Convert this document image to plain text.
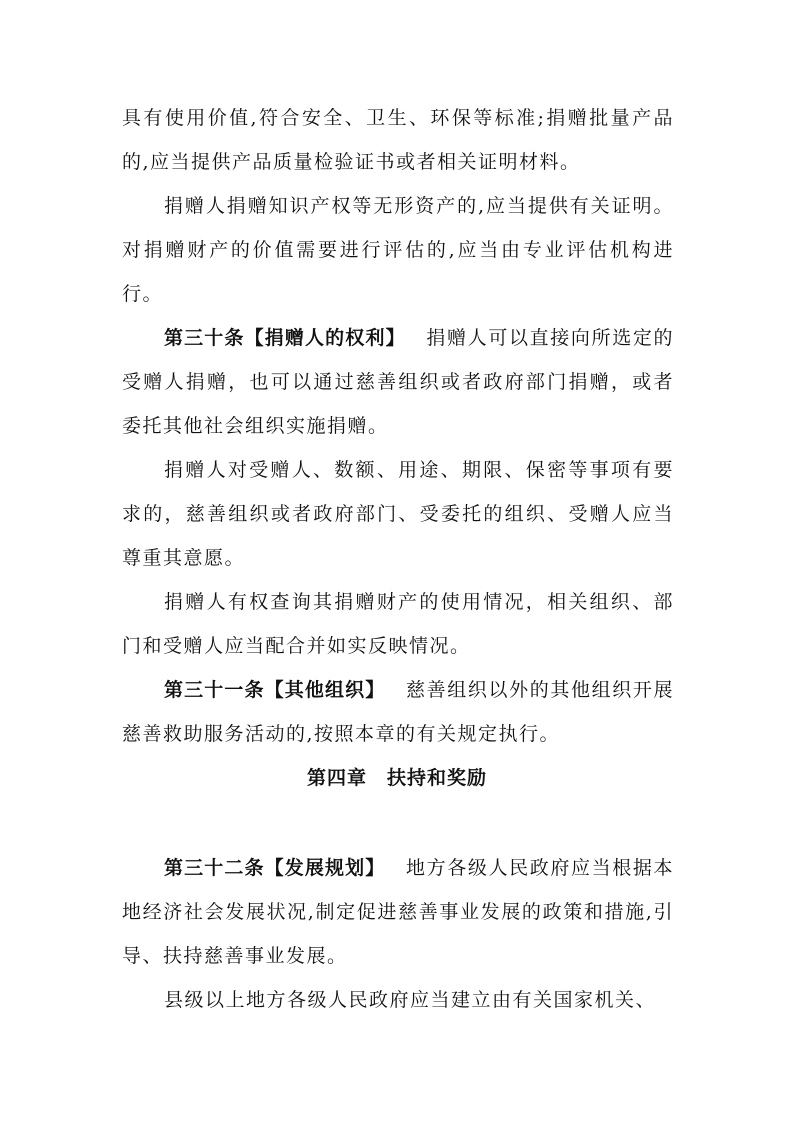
具有使用价值,符合安全、卫生、环保等标准;捐赠批量产品的,应当提供产品质量检验证书或者相关证明材料。

捐赠人捐赠知识产权等无形资产的,应当提供有关证明。对捐赠财产的价值需要进行评估的,应当由专业评估机构进行。

第三十条【捐赠人的权利】  捐赠人可以直接向所选定的受赠人捐赠，也可以通过慈善组织或者政府部门捐赠，或者委托其他社会组织实施捐赠。

捐赠人对受赠人、数额、用途、期限、保密等事项有要求的，慈善组织或者政府部门、受委托的组织、受赠人应当尊重其意愿。

捐赠人有权查询其捐赠财产的使用情况，相关组织、部门和受赠人应当配合并如实反映情况。

第三十一条【其他组织】  慈善组织以外的其他组织开展慈善救助服务活动的,按照本章的有关规定执行。

第四章　扶持和奖励

第三十二条【发展规划】  地方各级人民政府应当根据本地经济社会发展状况,制定促进慈善事业发展的政策和措施,引导、扶持慈善事业发展。

县级以上地方各级人民政府应当建立由有关国家机关、
